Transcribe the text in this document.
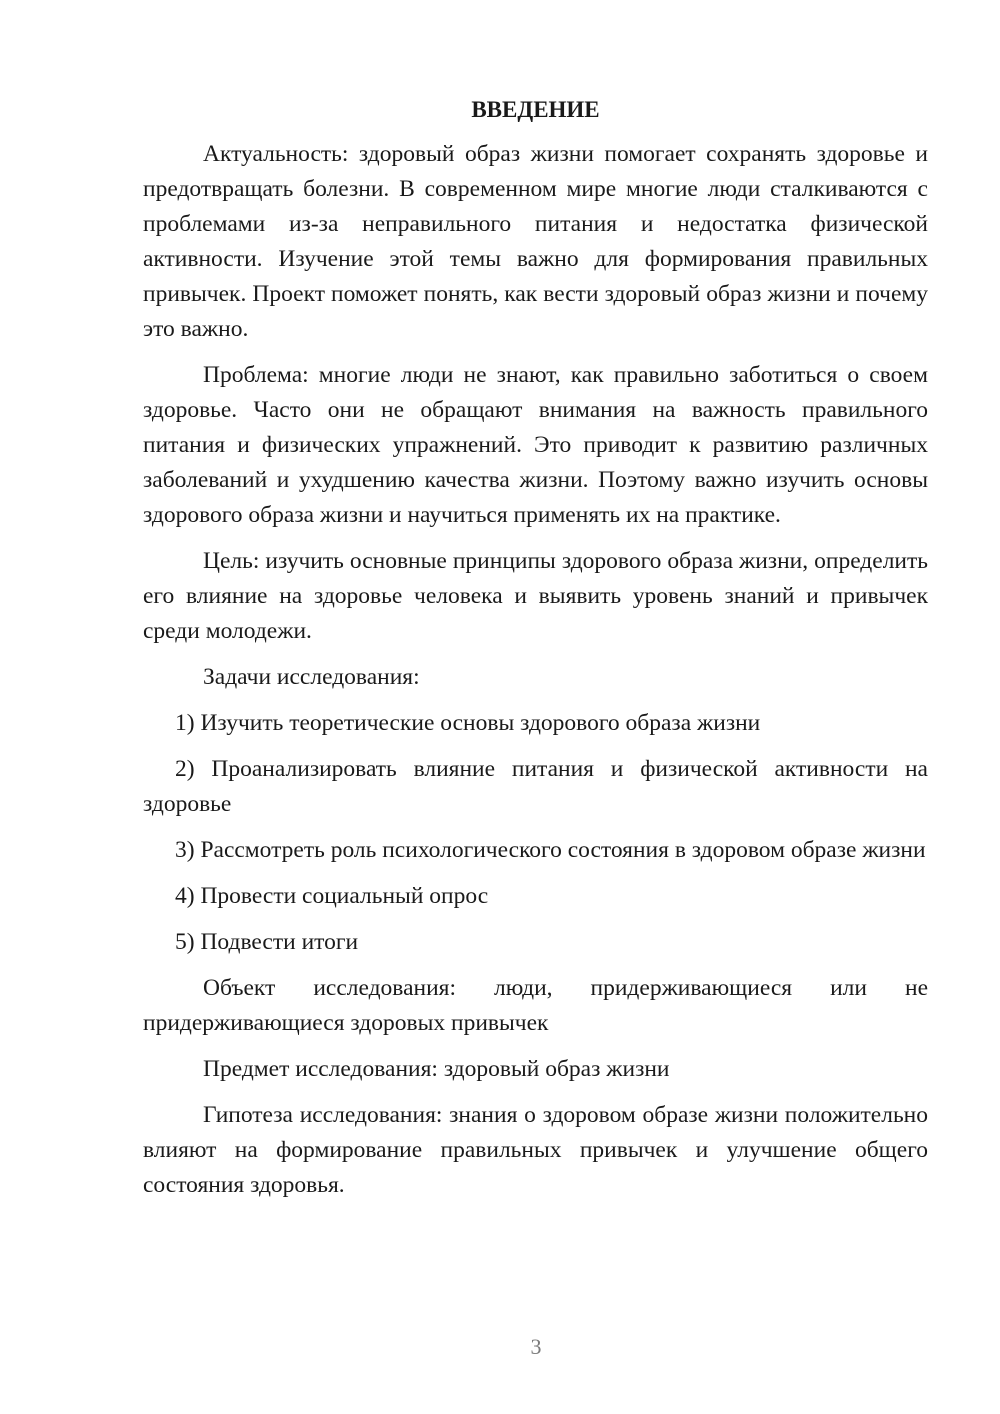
ВВЕДЕНИЕ

Актуальность: здоровый образ жизни помогает сохранять здоровье и предотвращать болезни. В современном мире многие люди сталкиваются с проблемами из-за неправильного питания и недостатка физической активности. Изучение этой темы важно для формирования правильных привычек. Проект поможет понять, как вести здоровый образ жизни и почему это важно.

Проблема: многие люди не знают, как правильно заботиться о своем здоровье. Часто они не обращают внимания на важность правильного питания и физических упражнений. Это приводит к развитию различных заболеваний и ухудшению качества жизни. Поэтому важно изучить основы здорового образа жизни и научиться применять их на практике.

Цель: изучить основные принципы здорового образа жизни, определить его влияние на здоровье человека и выявить уровень знаний и привычек среди молодежи.

Задачи исследования:

1) Изучить теоретические основы здорового образа жизни

2) Проанализировать влияние питания и физической активности на здоровье

3) Рассмотреть роль психологического состояния в здоровом образе жизни

4) Провести социальный опрос

5) Подвести итоги

Объект исследования: люди, придерживающиеся или не придерживающиеся здоровых привычек

Предмет исследования: здоровый образ жизни

Гипотеза исследования: знания о здоровом образе жизни положительно влияют на формирование правильных привычек и улучшение общего состояния здоровья.

3
